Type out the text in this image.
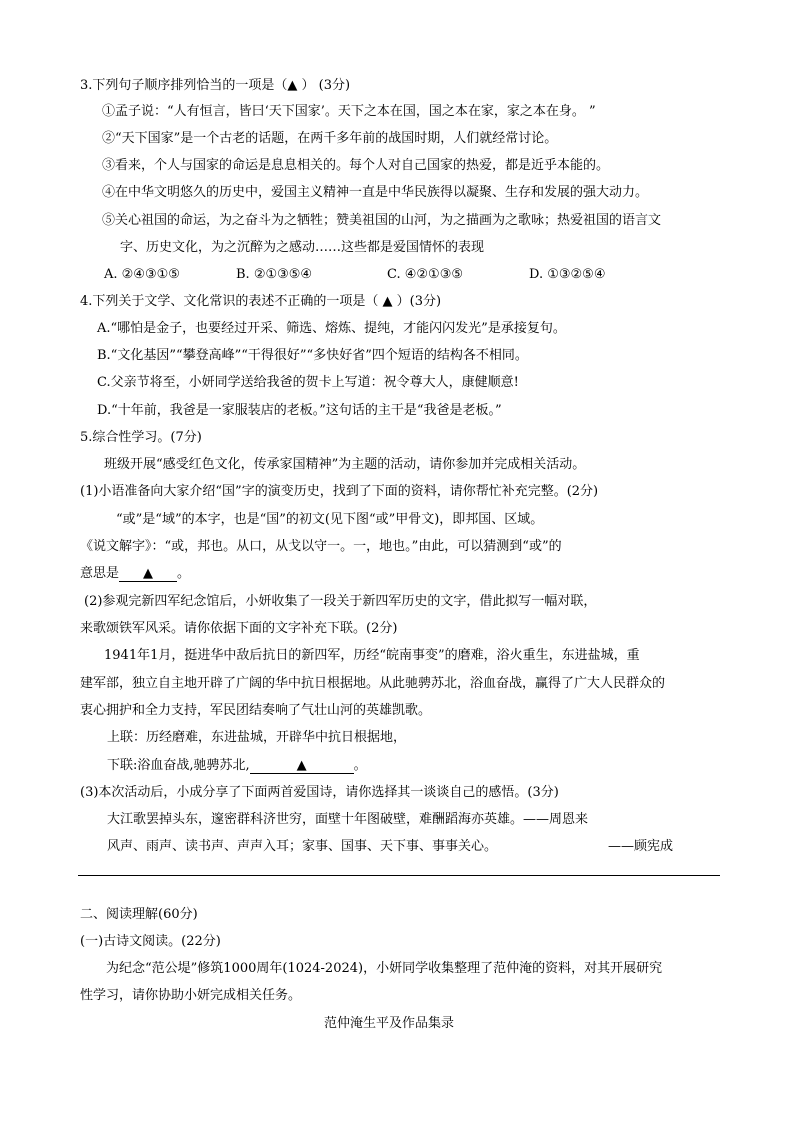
3.下列句子顺序排列恰当的一项是（▲ ） (3分)
①孟子说：“人有恒言，皆曰‘天下国家’。天下之本在国，国之本在家，家之本在身。 ”
②“天下国家”是一个古老的话题，在两千多年前的战国时期，人们就经常讨论。
③看来，个人与国家的命运是息息相关的。每个人对自己国家的热爱，都是近乎本能的。
④在中华文明悠久的历史中，爱国主义精神一直是中华民族得以凝聚、生存和发展的强大动力。
⑤关心祖国的命运，为之奋斗为之牺牲；赞美祖国的山河，为之描画为之歌咏；热爱祖国的语言文
字、历史文化，为之沉醉为之感动……这些都是爱国情怀的表现
A. ②④③①⑤	B. ②①③⑤④	C. ④②①③⑤	D. ①③②⑤④
4.下列关于文学、文化常识的表述不正确的一项是（ ▲ ）(3分)
A.“哪怕是金子，也要经过开采、筛选、熔炼、提纯，才能闪闪发光”是承接复句。
B.“文化基因”“攀登高峰”“干得很好”“多快好省”四个短语的结构各不相同。
C.父亲节将至，小妍同学送给我爸的贺卡上写道：祝令尊大人，康健顺意!
D.“十年前，我爸是一家服装店的老板。”这句话的主干是“我爸是老板。”
5.综合性学习。(7分)
班级开展“感受红色文化，传承家国精神”为主题的活动，请你参加并完成相关活动。
(1)小语准备向大家介绍“国”字的演变历史，找到了下面的资料，请你帮忙补充完整。(2分)
“或”是“域”的本字，也是“国”的初文(见下图“或”甲骨文)，即邦国、区域。
《说文解字》：“或，邦也。从口，从戈以守一。一，地也。”由此，可以猜测到“或”的
意思是 ▲ 。
(2)参观完新四军纪念馆后，小妍收集了一段关于新四军历史的文字，借此拟写一幅对联，
来歌颂铁军风采。请你依据下面的文字补充下联。(2分)
1941年1月，挺进华中敌后抗日的新四军，历经“皖南事变”的磨难，浴火重生，东进盐城，重
建军部，独立自主地开辟了广阔的华中抗日根据地。从此驰骋苏北，浴血奋战，赢得了广大人民群众的
衷心拥护和全力支持，军民团结奏响了气壮山河的英雄凯歌。
上联：历经磨难，东进盐城，开辟华中抗日根据地，
下联:浴血奋战,驰骋苏北,	▲	。
(3)本次活动后，小成分享了下面两首爱国诗，请你选择其一谈谈自己的感悟。(3分)
大江歌罢掉头东，邃密群科济世穷，面壁十年图破壁，难酬蹈海亦英雄。——周恩来
风声、雨声、读书声、声声入耳；家事、国事、天下事、事事关心。	——顾宪成
二、阅读理解(60分)
(一)古诗文阅读。(22分)
为纪念“范公堤”修筑1000周年(1024-2024)，小妍同学收集整理了范仲淹的资料，对其开展研究
性学习，请你协助小妍完成相关任务。
范仲淹生平及作品集录
